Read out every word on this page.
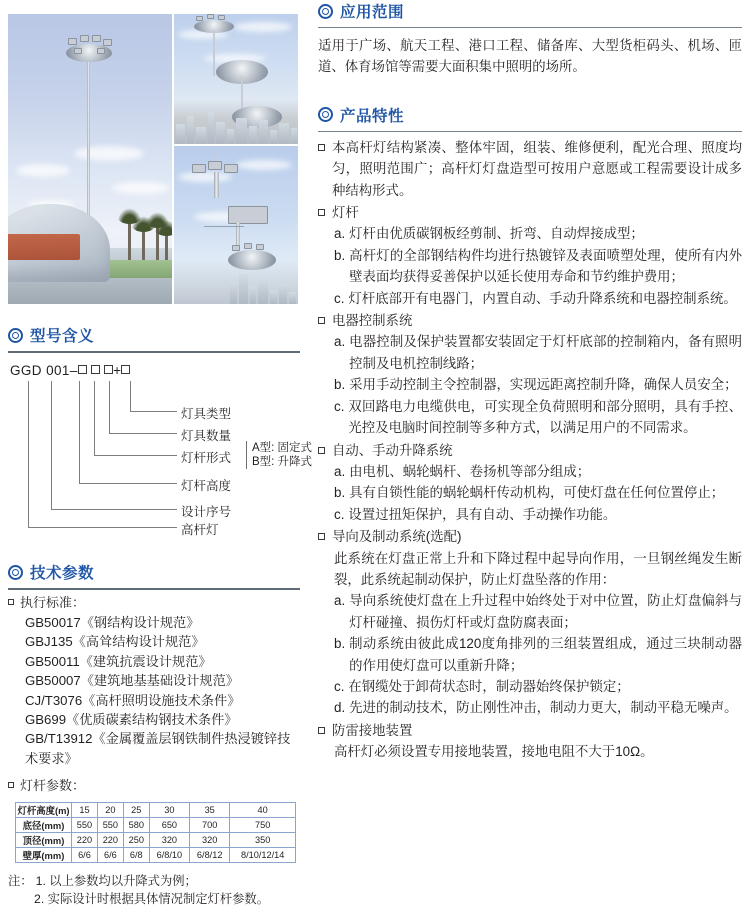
型号含义
GGD 001–	+
灯具类型
灯具数量
灯杆形式
A型: 固定式
B型: 升降式
灯杆高度
设计序号
高杆灯
技术参数
执行标准：
GB50017《钢结构设计规范》
GBJ135《高耸结构设计规范》
GB50011《建筑抗震设计规范》
GB50007《建筑地基基础设计规范》
CJ/T3076《高杆照明设施技术条件》
GB699《优质碳素结构钢技术条件》
GB/T13912《金属覆盖层钢铁制件热浸镀锌技术要求》
灯杆参数：
灯杆高度(m)	15	20	25	30	35	40
底径(mm)	550	550	580	650	700	750
顶径(mm)	220	220	250	320	320	350
壁厚(mm)	6/6	6/6	6/8	6/8/10	6/8/12	8/10/12/14
注： 1. 以上参数均以升降式为例；
2. 实际设计时根据具体情况制定灯杆参数。
应用范围
适用于广场、航天工程、港口工程、储备库、大型货柜码头、机场、匝道、体育场馆等需要大面积集中照明的场所。
产品特性
本高杆灯结构紧凑、整体牢固，组装、维修便利，配光合理、照度均匀，照明范围广；高杆灯灯盘造型可按用户意愿或工程需要设计成多种结构形式。
灯杆
a. 灯杆由优质碳钢板经剪制、折弯、自动焊接成型；
b. 高杆灯的全部钢结构件均进行热镀锌及表面喷塑处理，使所有内外壁表面均获得妥善保护以延长使用寿命和节约维护费用；
c. 灯杆底部开有电器门，内置自动、手动升降系统和电器控制系统。
电器控制系统
a. 电器控制及保护装置都安装固定于灯杆底部的控制箱内，备有照明控制及电机控制线路；
b. 采用手动控制主令控制器，实现远距离控制升降，确保人员安全；
c. 双回路电力电缆供电，可实现全负荷照明和部分照明，具有手控、光控及电脑时间控制等多种方式，以满足用户的不同需求。
自动、手动升降系统
a. 由电机、蜗轮蜗杆、卷扬机等部分组成；
b. 具有自锁性能的蜗轮蜗杆传动机构，可使灯盘在任何位置停止；
c. 设置过扭矩保护，具有自动、手动操作功能。
导向及制动系统(选配)
此系统在灯盘正常上升和下降过程中起导向作用，一旦钢丝绳发生断裂，此系统起制动保护，防止灯盘坠落的作用：
a. 导向系统使灯盘在上升过程中始终处于对中位置，防止灯盘偏斜与灯杆碰撞、损伤灯杆或灯盘防腐表面；
b. 制动系统由彼此成120度角排列的三组装置组成，通过三块制动器的作用使灯盘可以重新升降；
c. 在钢缆处于卸荷状态时，制动器始终保护锁定；
d. 先进的制动技术，防止刚性冲击，制动力更大，制动平稳无噪声。
防雷接地装置
高杆灯必须设置专用接地装置，接地电阻不大于10Ω。
